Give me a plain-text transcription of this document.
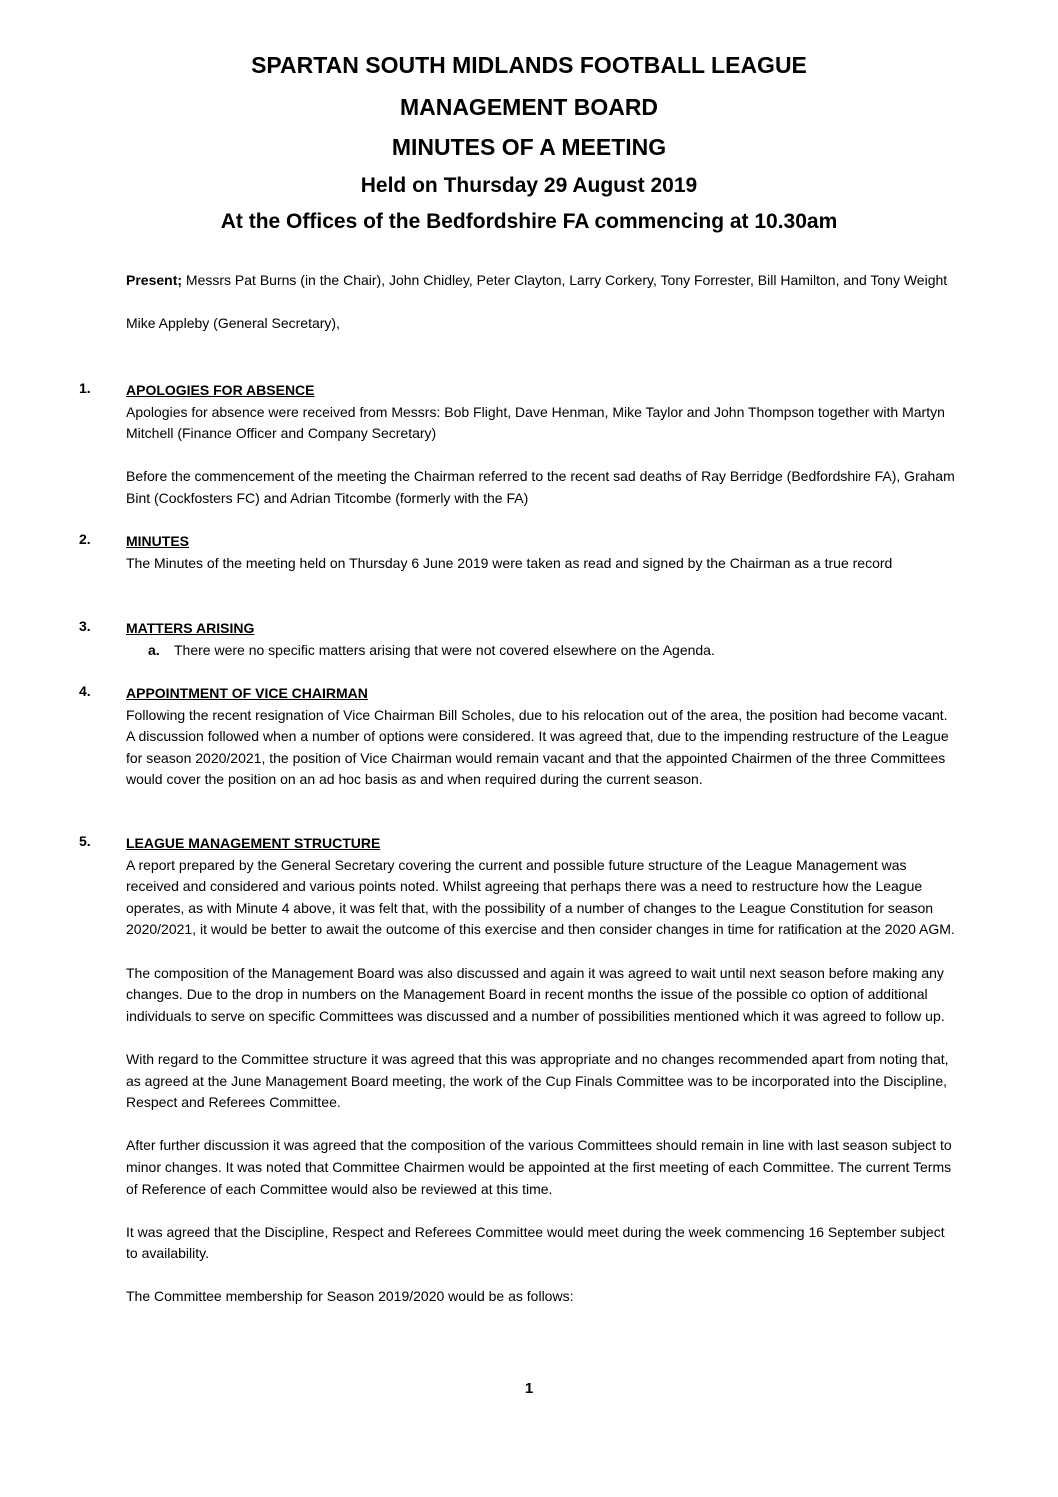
SPARTAN SOUTH MIDLANDS FOOTBALL LEAGUE
MANAGEMENT BOARD
MINUTES OF A MEETING
Held on Thursday 29 August 2019
At the Offices of the Bedfordshire FA commencing at 10.30am

Present; Messrs Pat Burns (in the Chair), John Chidley, Peter Clayton, Larry Corkery, Tony Forrester, Bill Hamilton, and Tony Weight

Mike Appleby (General Secretary),

1.	APOLOGIES FOR ABSENCE

Apologies for absence were received from Messrs: Bob Flight, Dave Henman, Mike Taylor and John Thompson together with Martyn Mitchell (Finance Officer and Company Secretary)

Before the commencement of the meeting the Chairman referred to the recent sad deaths of Ray Berridge (Bedfordshire FA), Graham Bint (Cockfosters FC) and Adrian Titcombe (formerly with the FA)

2.	MINUTES

The Minutes of the meeting held on Thursday 6 June 2019 were taken as read and signed by the Chairman as a true record

3.	MATTERS ARISING

a. There were no specific matters arising that were not covered elsewhere on the Agenda.
4.	APPOINTMENT OF VICE CHAIRMAN

Following the recent resignation of Vice Chairman Bill Scholes, due to his relocation out of the area, the position had become vacant. A discussion followed when a number of options were considered. It was agreed that, due to the impending restructure of the League for season 2020/2021, the position of Vice Chairman would remain vacant and that the appointed Chairmen of the three Committees would cover the position on an ad hoc basis as and when required during the current season.

5.	LEAGUE MANAGEMENT STRUCTURE

A report prepared by the General Secretary covering the current and possible future structure of the League Management was received and considered and various points noted. Whilst agreeing that perhaps there was a need to restructure how the League operates, as with Minute 4 above, it was felt that, with the possibility of a number of changes to the League Constitution for season 2020/2021, it would be better to await the outcome of this exercise and then consider changes in time for ratification at the 2020 AGM.

The composition of the Management Board was also discussed and again it was agreed to wait until next season before making any changes. Due to the drop in numbers on the Management Board in recent months the issue of the possible co option of additional individuals to serve on specific Committees was discussed and a number of possibilities mentioned which it was agreed to follow up.

With regard to the Committee structure it was agreed that this was appropriate and no changes recommended apart from noting that, as agreed at the June Management Board meeting, the work of the Cup Finals Committee was to be incorporated into the Discipline, Respect and Referees Committee.

After further discussion it was agreed that the composition of the various Committees should remain in line with last season subject to minor changes. It was noted that Committee Chairmen would be appointed at the first meeting of each Committee. The current Terms of Reference of each Committee would also be reviewed at this time.

It was agreed that the Discipline, Respect and Referees Committee would meet during the week commencing 16 September subject to availability.

The Committee membership for Season 2019/2020 would be as follows:

1
